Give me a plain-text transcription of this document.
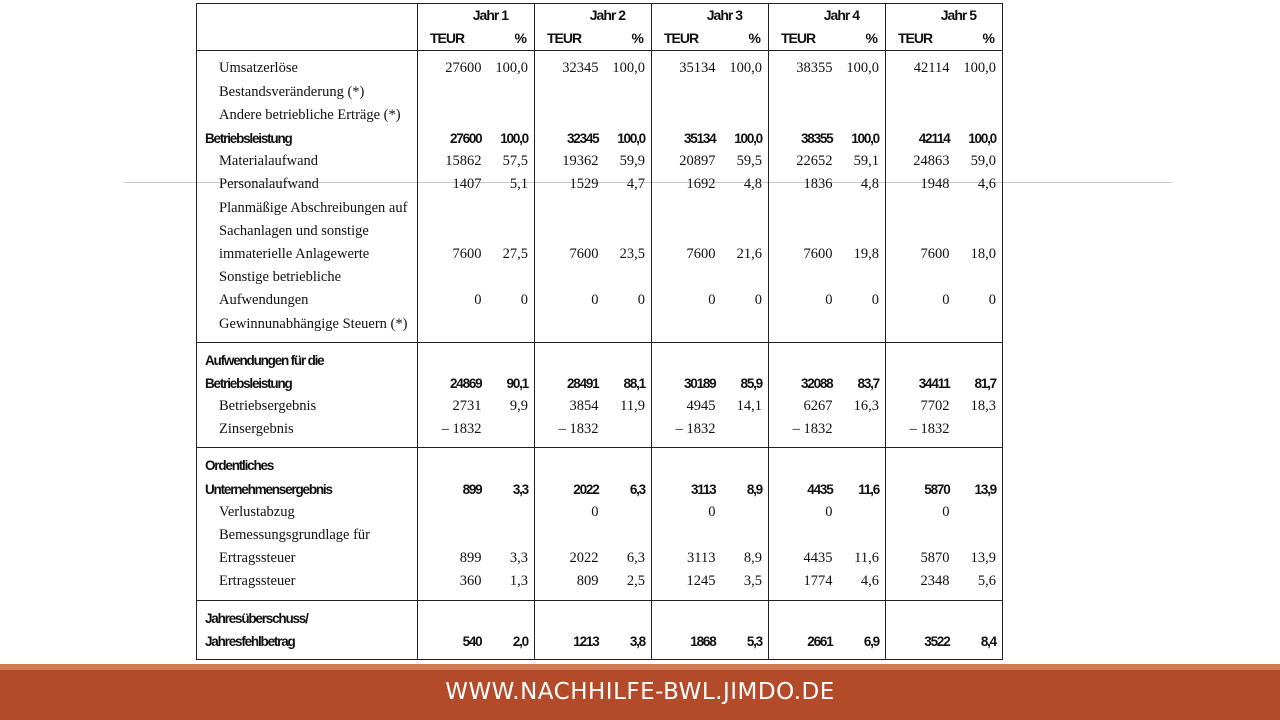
	Jahr 1		Jahr 2		Jahr 3		Jahr 4		Jahr 5	
	TEUR	%	TEUR	%	TEUR	%	TEUR	%	TEUR	%

Umsatzerlöse	27600	100,0	32345	100,0	35134	100,0	38355	100,0	42114	100,0
Bestandsveränderung (*)										
Andere betriebliche Erträge (*)										
Betriebsleistung	27600	100,0	32345	100,0	35134	100,0	38355	100,0	42114	100,0
Materialaufwand	15862	57,5	19362	59,9	20897	59,5	22652	59,1	24863	59,0
Personalaufwand	1407	5,1	1529	4,7	1692	4,8	1836	4,8	1948	4,6
Planmäßige Abschreibungen auf										
Sachanlagen und sonstige										
immaterielle Anlagewerte	7600	27,5	7600	23,5	7600	21,6	7600	19,8	7600	18,0
Sonstige betriebliche										
Aufwendungen	0	0	0	0	0	0	0	0	0	0
Gewinnunabhängige Steuern (*)										

Aufwendungen für die										
Betriebsleistung	24869	90,1	28491	88,1	30189	85,9	32088	83,7	34411	81,7
Betriebsergebnis	2731	9,9	3854	11,9	4945	14,1	6267	16,3	7702	18,3
Zinsergebnis	– 1832		– 1832		– 1832		– 1832		– 1832	

Ordentliches										
Unternehmensergebnis	899	3,3	2022	6,3	3113	8,9	4435	11,6	5870	13,9
Verlustabzug			0		0		0		0	
Bemessungsgrundlage für										
Ertragssteuer	899	3,3	2022	6,3	3113	8,9	4435	11,6	5870	13,9
Ertragssteuer	360	1,3	809	2,5	1245	3,5	1774	4,6	2348	5,6

Jahresüberschuss/										
Jahresfehlbetrag	540	2,0	1213	3,8	1868	5,3	2661	6,9	3522	8,4

WWW.NACHHILFE-BWL.JIMDO.DE
